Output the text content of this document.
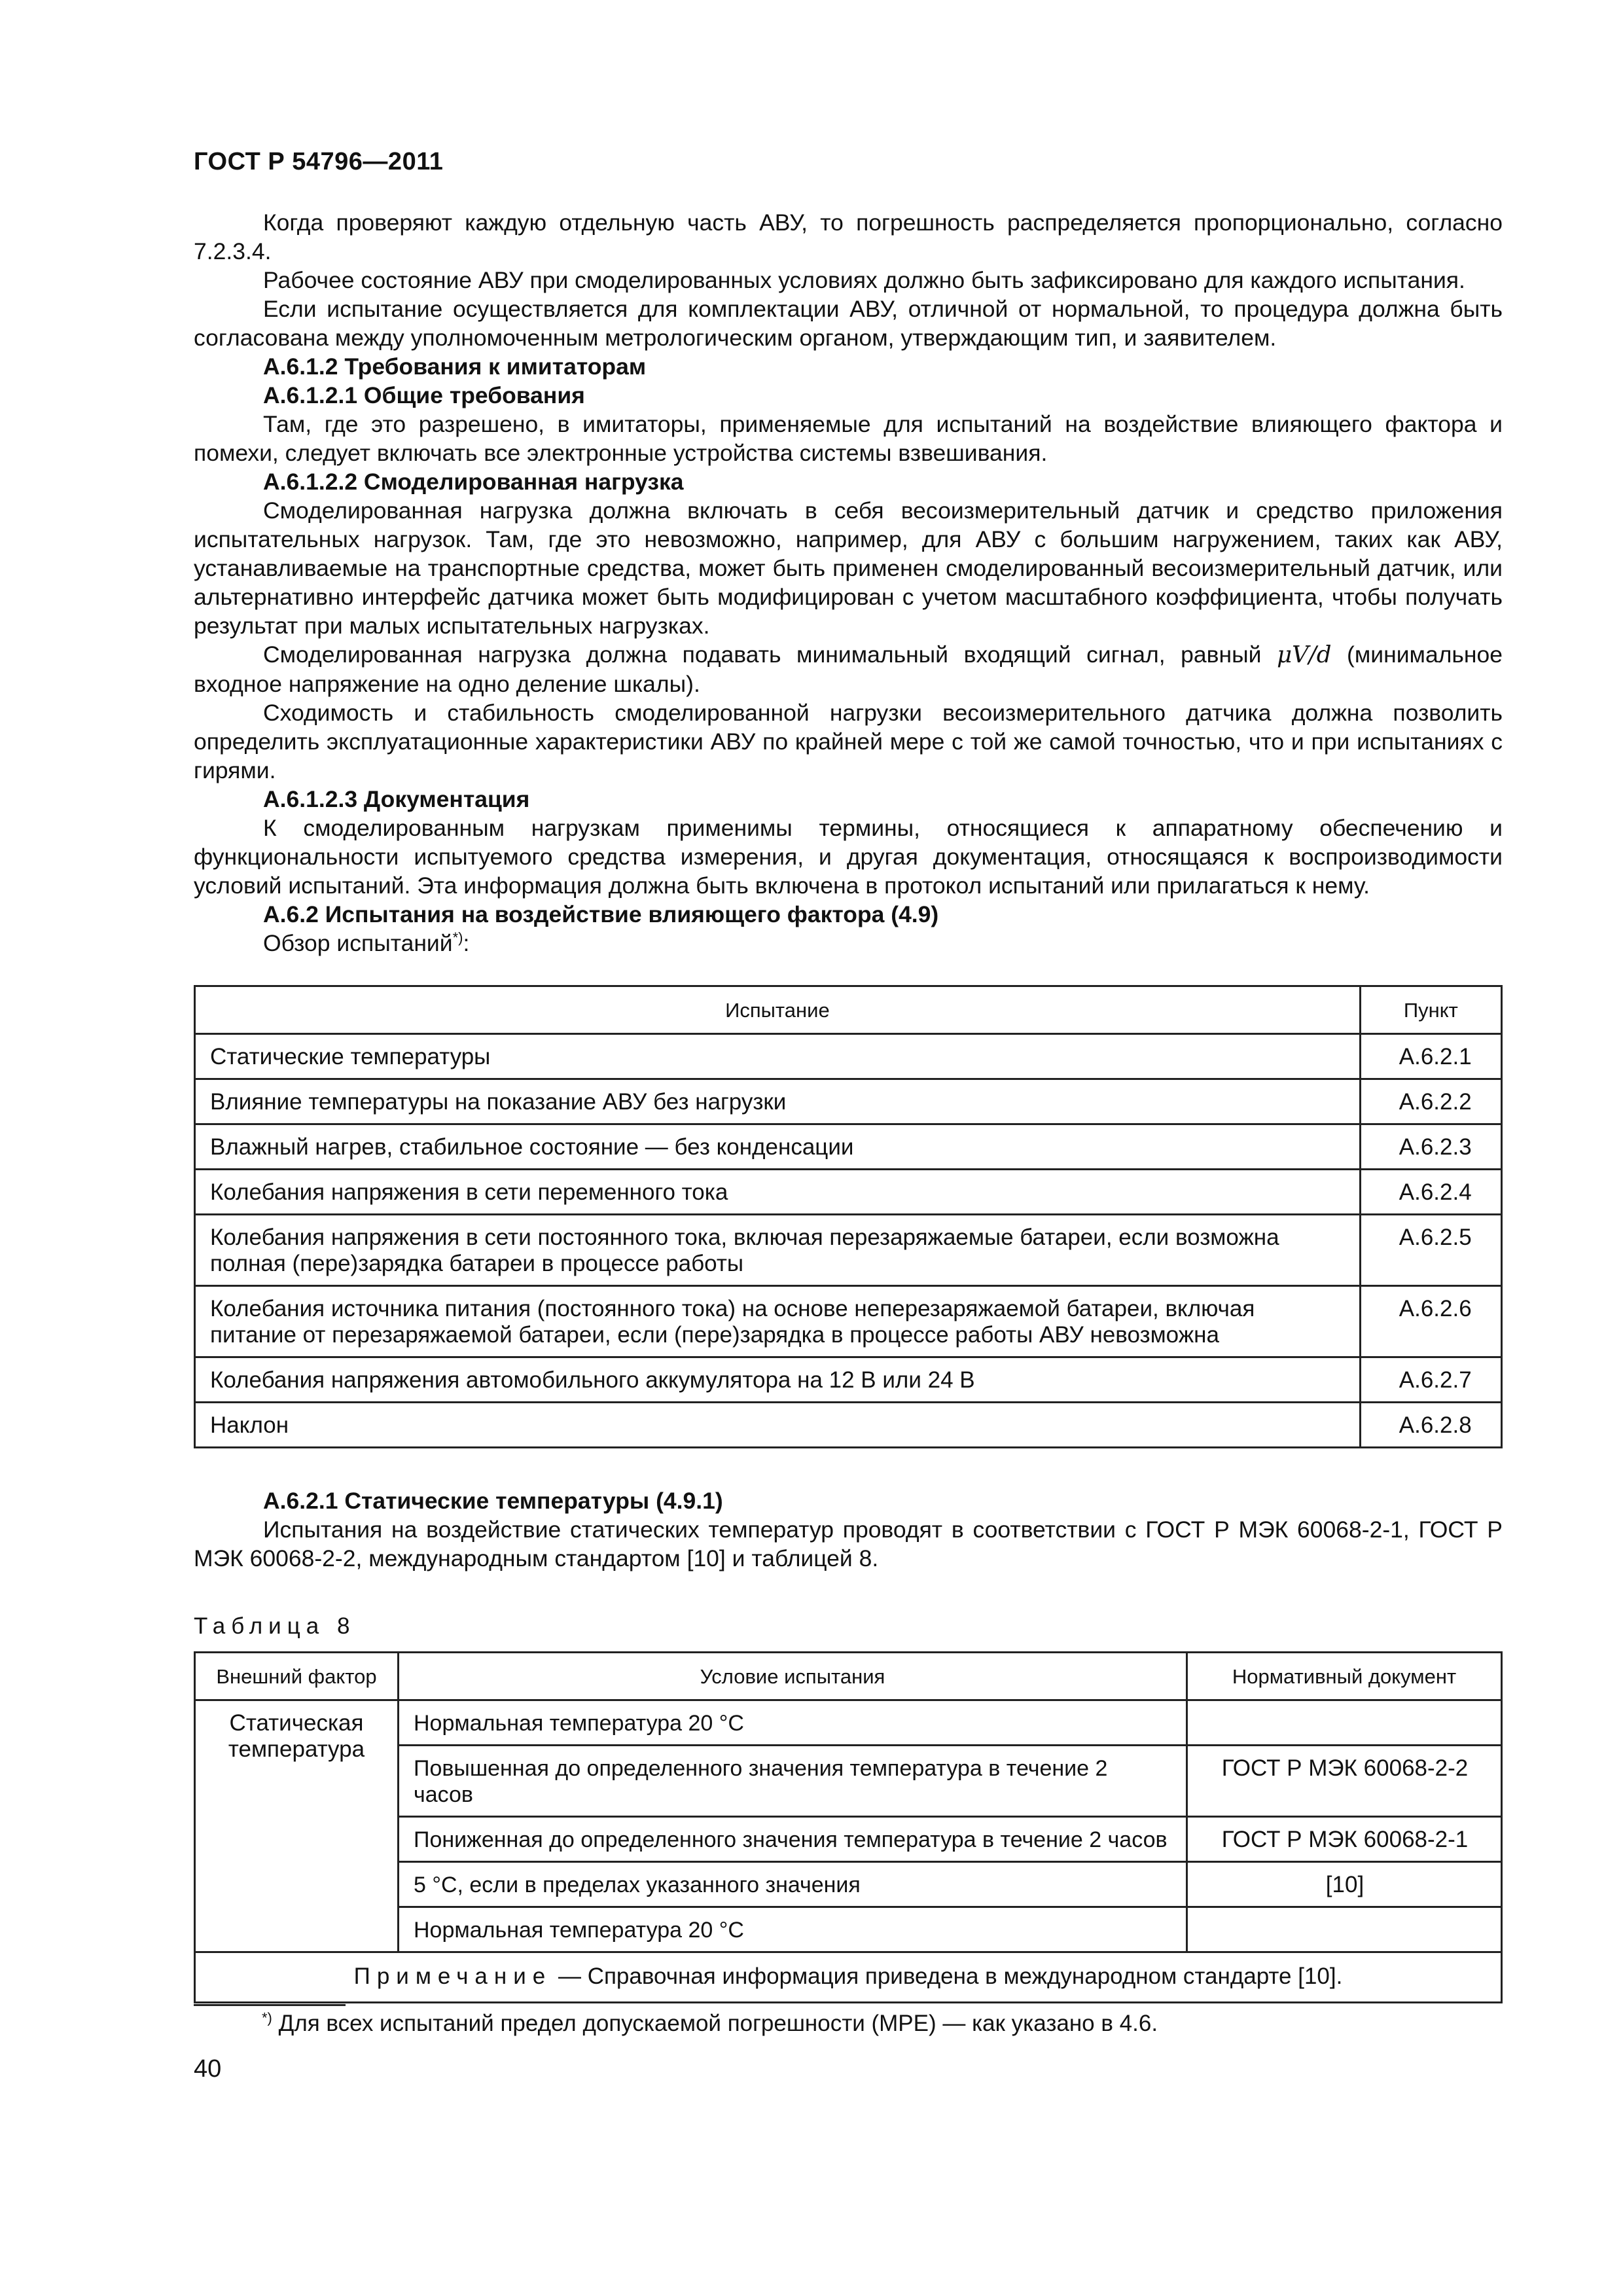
ГОСТ Р 54796—2011

Когда проверяют каждую отдельную часть АВУ, то погрешность распределяется пропорционально, согласно 7.2.3.4.

Рабочее состояние АВУ при смоделированных условиях должно быть зафиксировано для каждого испытания.

Если испытание осуществляется для комплектации АВУ, отличной от нормальной, то процедура должна быть согласована между уполномоченным метрологическим органом, утверждающим тип, и заявителем.

А.6.1.2 Требования к имитаторам

А.6.1.2.1 Общие требования

Там, где это разрешено, в имитаторы, применяемые для испытаний на воздействие влияющего фактора и помехи, следует включать все электронные устройства системы взвешивания.

А.6.1.2.2 Смоделированная нагрузка

Смоделированная нагрузка должна включать в себя весоизмерительный датчик и средство приложения испытательных нагрузок. Там, где это невозможно, например, для АВУ с большим нагружением, таких как АВУ, устанавливаемые на транспортные средства, может быть применен смоделированный весоизмерительный датчик, или альтернативно интерфейс датчика может быть модифицирован с учетом масштабного коэффициента, чтобы получать результат при малых испытательных нагрузках.

Смоделированная нагрузка должна подавать минимальный входящий сигнал, равный μV/d (минимальное входное напряжение на одно деление шкалы).

Сходимость и стабильность смоделированной нагрузки весоизмерительного датчика должна позволить определить эксплуатационные характеристики АВУ по крайней мере с той же самой точностью, что и при испытаниях с гирями.

А.6.1.2.3 Документация

К смоделированным нагрузкам применимы термины, относящиеся к аппаратному обеспечению и функциональности испытуемого средства измерения, и другая документация, относящаяся к воспроизводимости условий испытаний. Эта информация должна быть включена в протокол испытаний или прилагаться к нему.

А.6.2 Испытания на воздействие влияющего фактора (4.9)

Обзор испытаний*):

Испытание	Пункт
Статические температуры	А.6.2.1
Влияние температуры на показание АВУ без нагрузки	А.6.2.2
Влажный нагрев, стабильное состояние — без конденсации	А.6.2.3
Колебания напряжения в сети переменного тока	А.6.2.4
Колебания напряжения в сети постоянного тока, включая перезаряжаемые батареи, если возможна полная (пере)зарядка батареи в процессе работы	А.6.2.5
Колебания источника питания (постоянного тока) на основе неперезаряжаемой батареи, включая питание от перезаряжаемой батареи, если (пере)зарядка в процессе работы АВУ невозможна	А.6.2.6
Колебания напряжения автомобильного аккумулятора на 12 В или 24 В	А.6.2.7
Наклон	А.6.2.8

А.6.2.1 Статические температуры (4.9.1)

Испытания на воздействие статических температур проводят в соответствии с ГОСТ Р МЭК 60068-2-1, ГОСТ Р МЭК 60068-2-2, международным стандартом [10] и таблицей 8.

Таблица 8

Внешний фактор	Условие испытания	Нормативный документ
Статическая температура	Нормальная температура 20 °С	
	Повышенная до определенного значения температура в течение 2 часов	ГОСТ Р МЭК 60068-2-2
	Пониженная до определенного значения температура в течение 2 часов	ГОСТ Р МЭК 60068-2-1
	5 °С, если в пределах указанного значения	[10]
	Нормальная температура 20 °С	
Примечание — Справочная информация приведена в международном стандарте [10].		
*) Для всех испытаний предел допускаемой погрешности (МРЕ) — как указано в 4.6.
40
